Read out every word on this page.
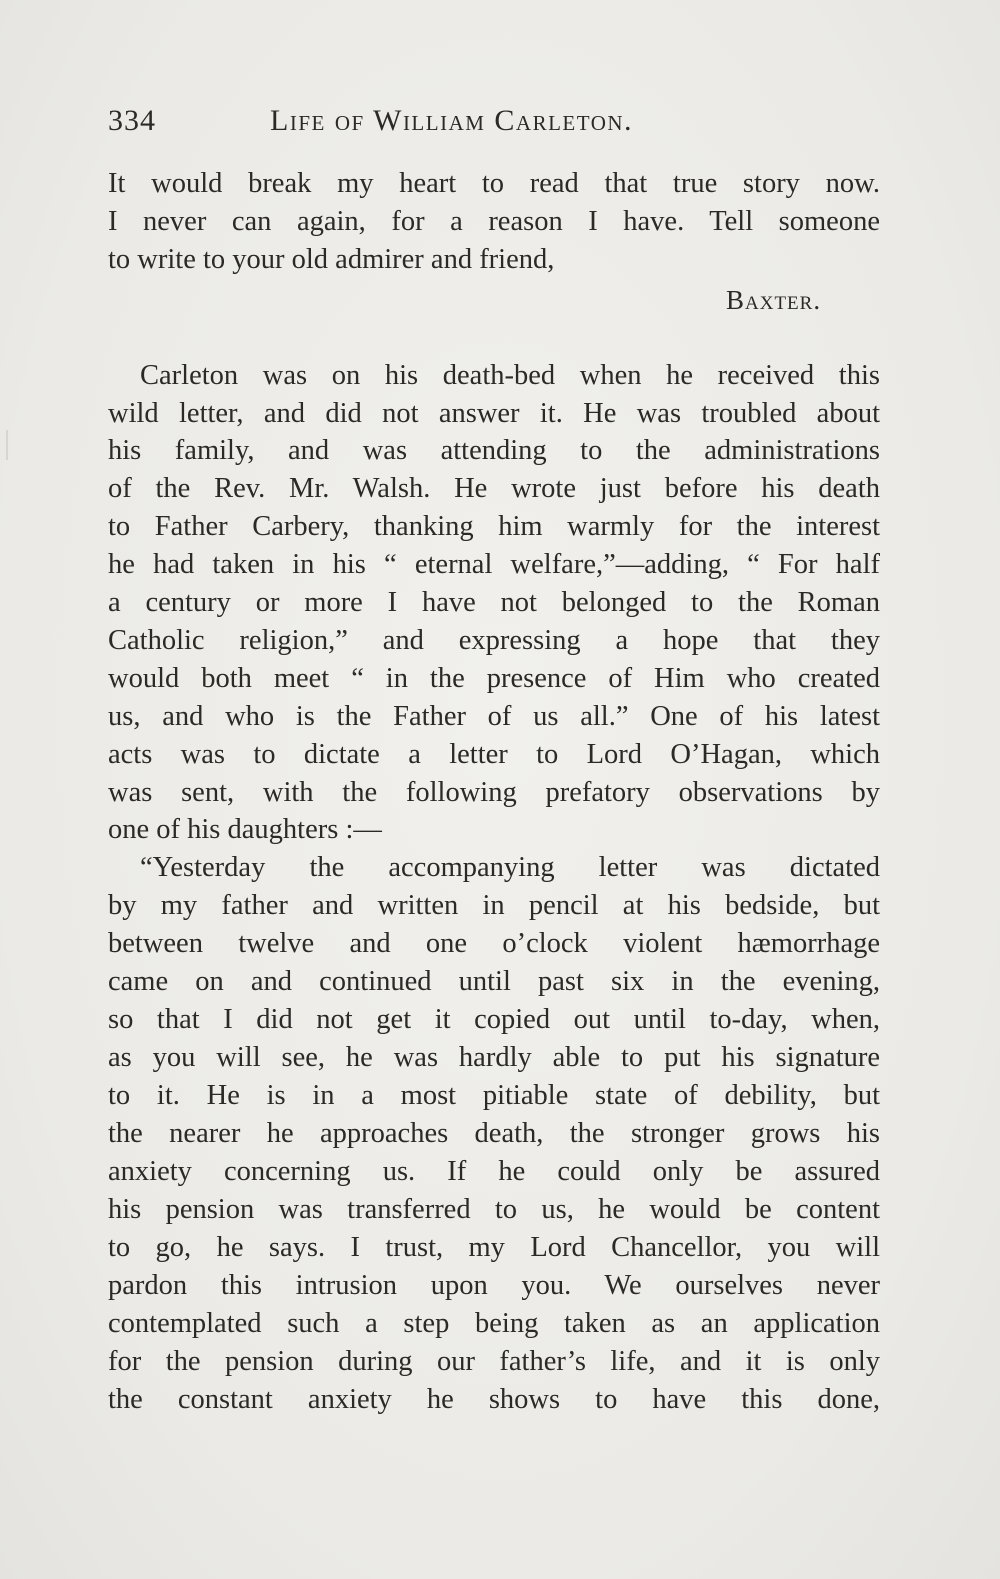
334	Life of William Carleton.
It would break my heart to read that true story now.
I never can again, for a reason I have. Tell someone
to write to your old admirer and friend,
Baxter.
Carleton was on his death-bed when he received this
wild letter, and did not answer it. He was troubled about
his family, and was attending to the administrations
of the Rev. Mr. Walsh. He wrote just before his death
to Father Carbery, thanking him warmly for the interest
he had taken in his “ eternal welfare,”—adding, “ For half
a century or more I have not belonged to the Roman
Catholic religion,” and expressing a hope that they
would both meet “ in the presence of Him who created
us, and who is the Father of us all.” One of his latest
acts was to dictate a letter to Lord O’Hagan, which
was sent, with the following prefatory observations by
one of his daughters :—
“Yesterday the accompanying letter was dictated
by my father and written in pencil at his bedside, but
between twelve and one o’clock violent hæmorrhage
came on and continued until past six in the evening,
so that I did not get it copied out until to-day, when,
as you will see, he was hardly able to put his signature
to it. He is in a most pitiable state of debility, but
the nearer he approaches death, the stronger grows his
anxiety concerning us. If he could only be assured
his pension was transferred to us, he would be content
to go, he says. I trust, my Lord Chancellor, you will
pardon this intrusion upon you. We ourselves never
contemplated such a step being taken as an application
for the pension during our father’s life, and it is only
the constant anxiety he shows to have this done,
